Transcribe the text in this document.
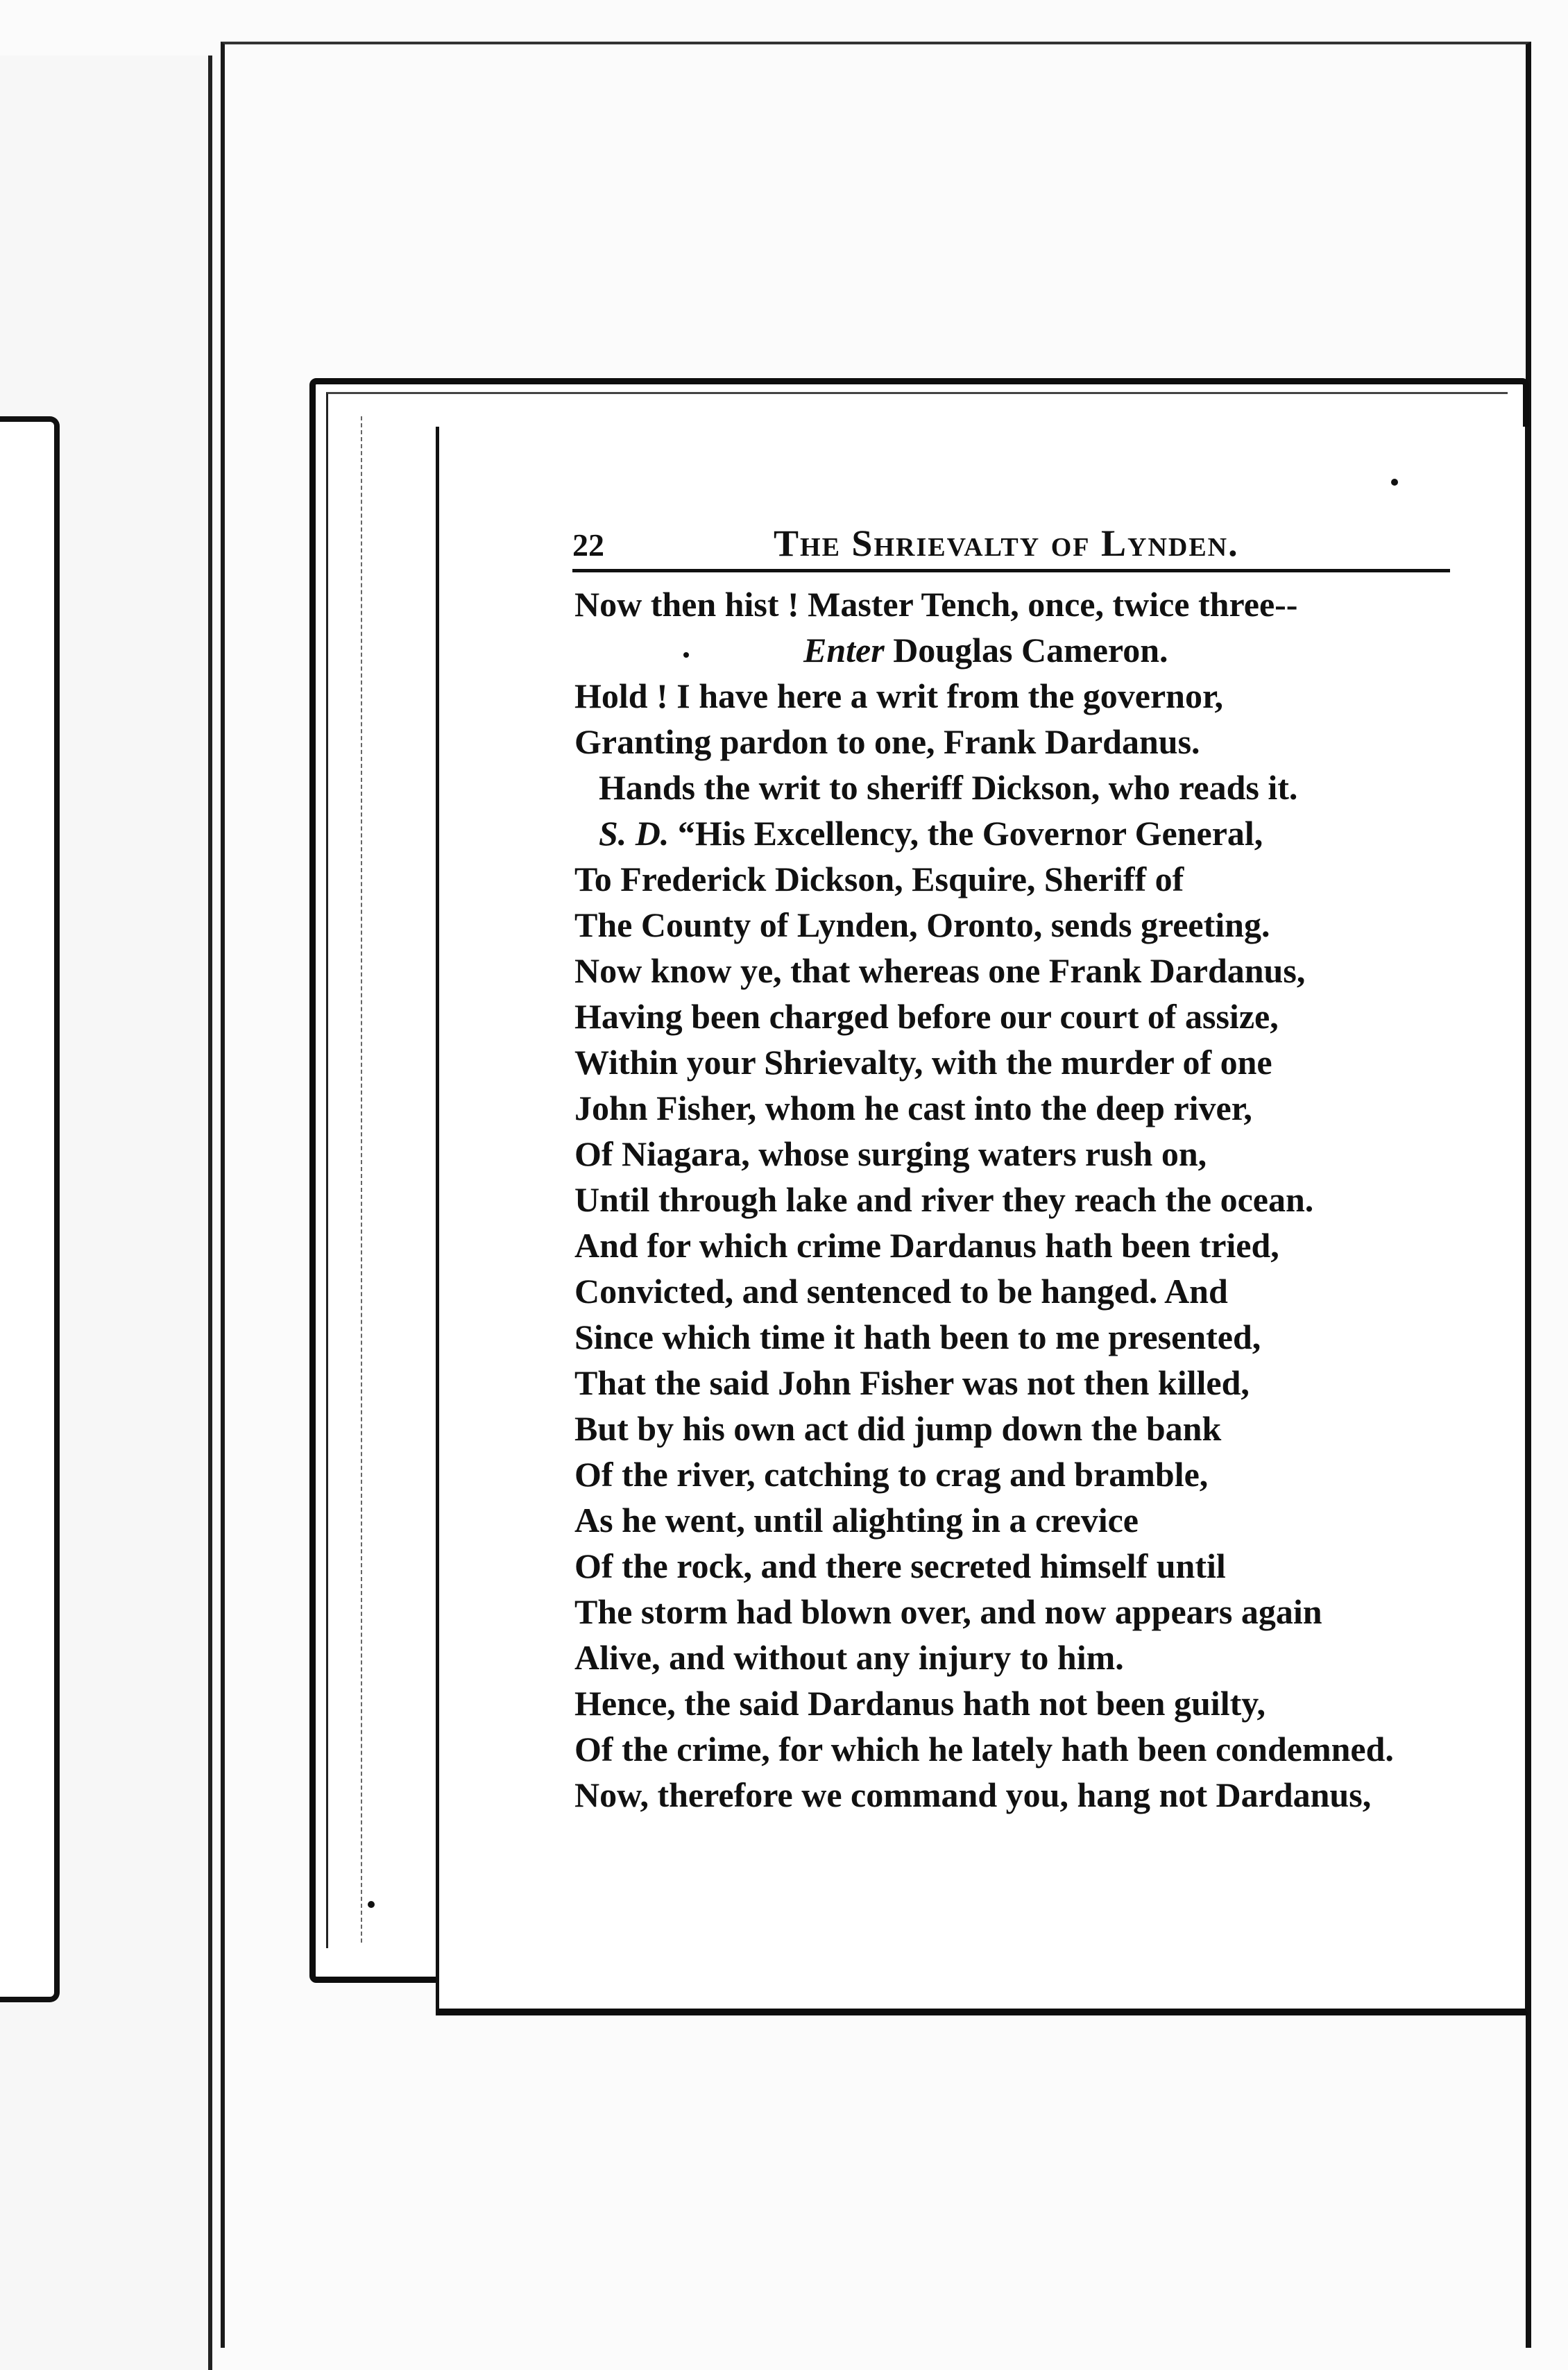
22	The Shrievalty of Lynden.
Now then hist ! Master Tench, once, twice three--
Enter Douglas Cameron.
Hold ! I have here a writ from the governor,
Granting pardon to one, Frank Dardanus.
Hands the writ to sheriff Dickson, who reads it.
S. D. “His Excellency, the Governor General,
To Frederick Dickson, Esquire, Sheriff of
The County of Lynden, Oronto, sends greeting.
Now know ye, that whereas one Frank Dardanus,
Having been charged before our court of assize,
Within your Shrievalty, with the murder of one
John Fisher, whom he cast into the deep river,
Of Niagara, whose surging waters rush on,
Until through lake and river they reach the ocean.
And for which crime Dardanus hath been tried,
Convicted, and sentenced to be hanged. And
Since which time it hath been to me presented,
That the said John Fisher was not then killed,
But by his own act did jump down the bank
Of the river, catching to crag and bramble,
As he went, until alighting in a crevice
Of the rock, and there secreted himself until
The storm had blown over, and now appears again
Alive, and without any injury to him.
Hence, the said Dardanus hath not been guilty,
Of the crime, for which he lately hath been condemned.
Now, therefore we command you, hang not Dardanus,
